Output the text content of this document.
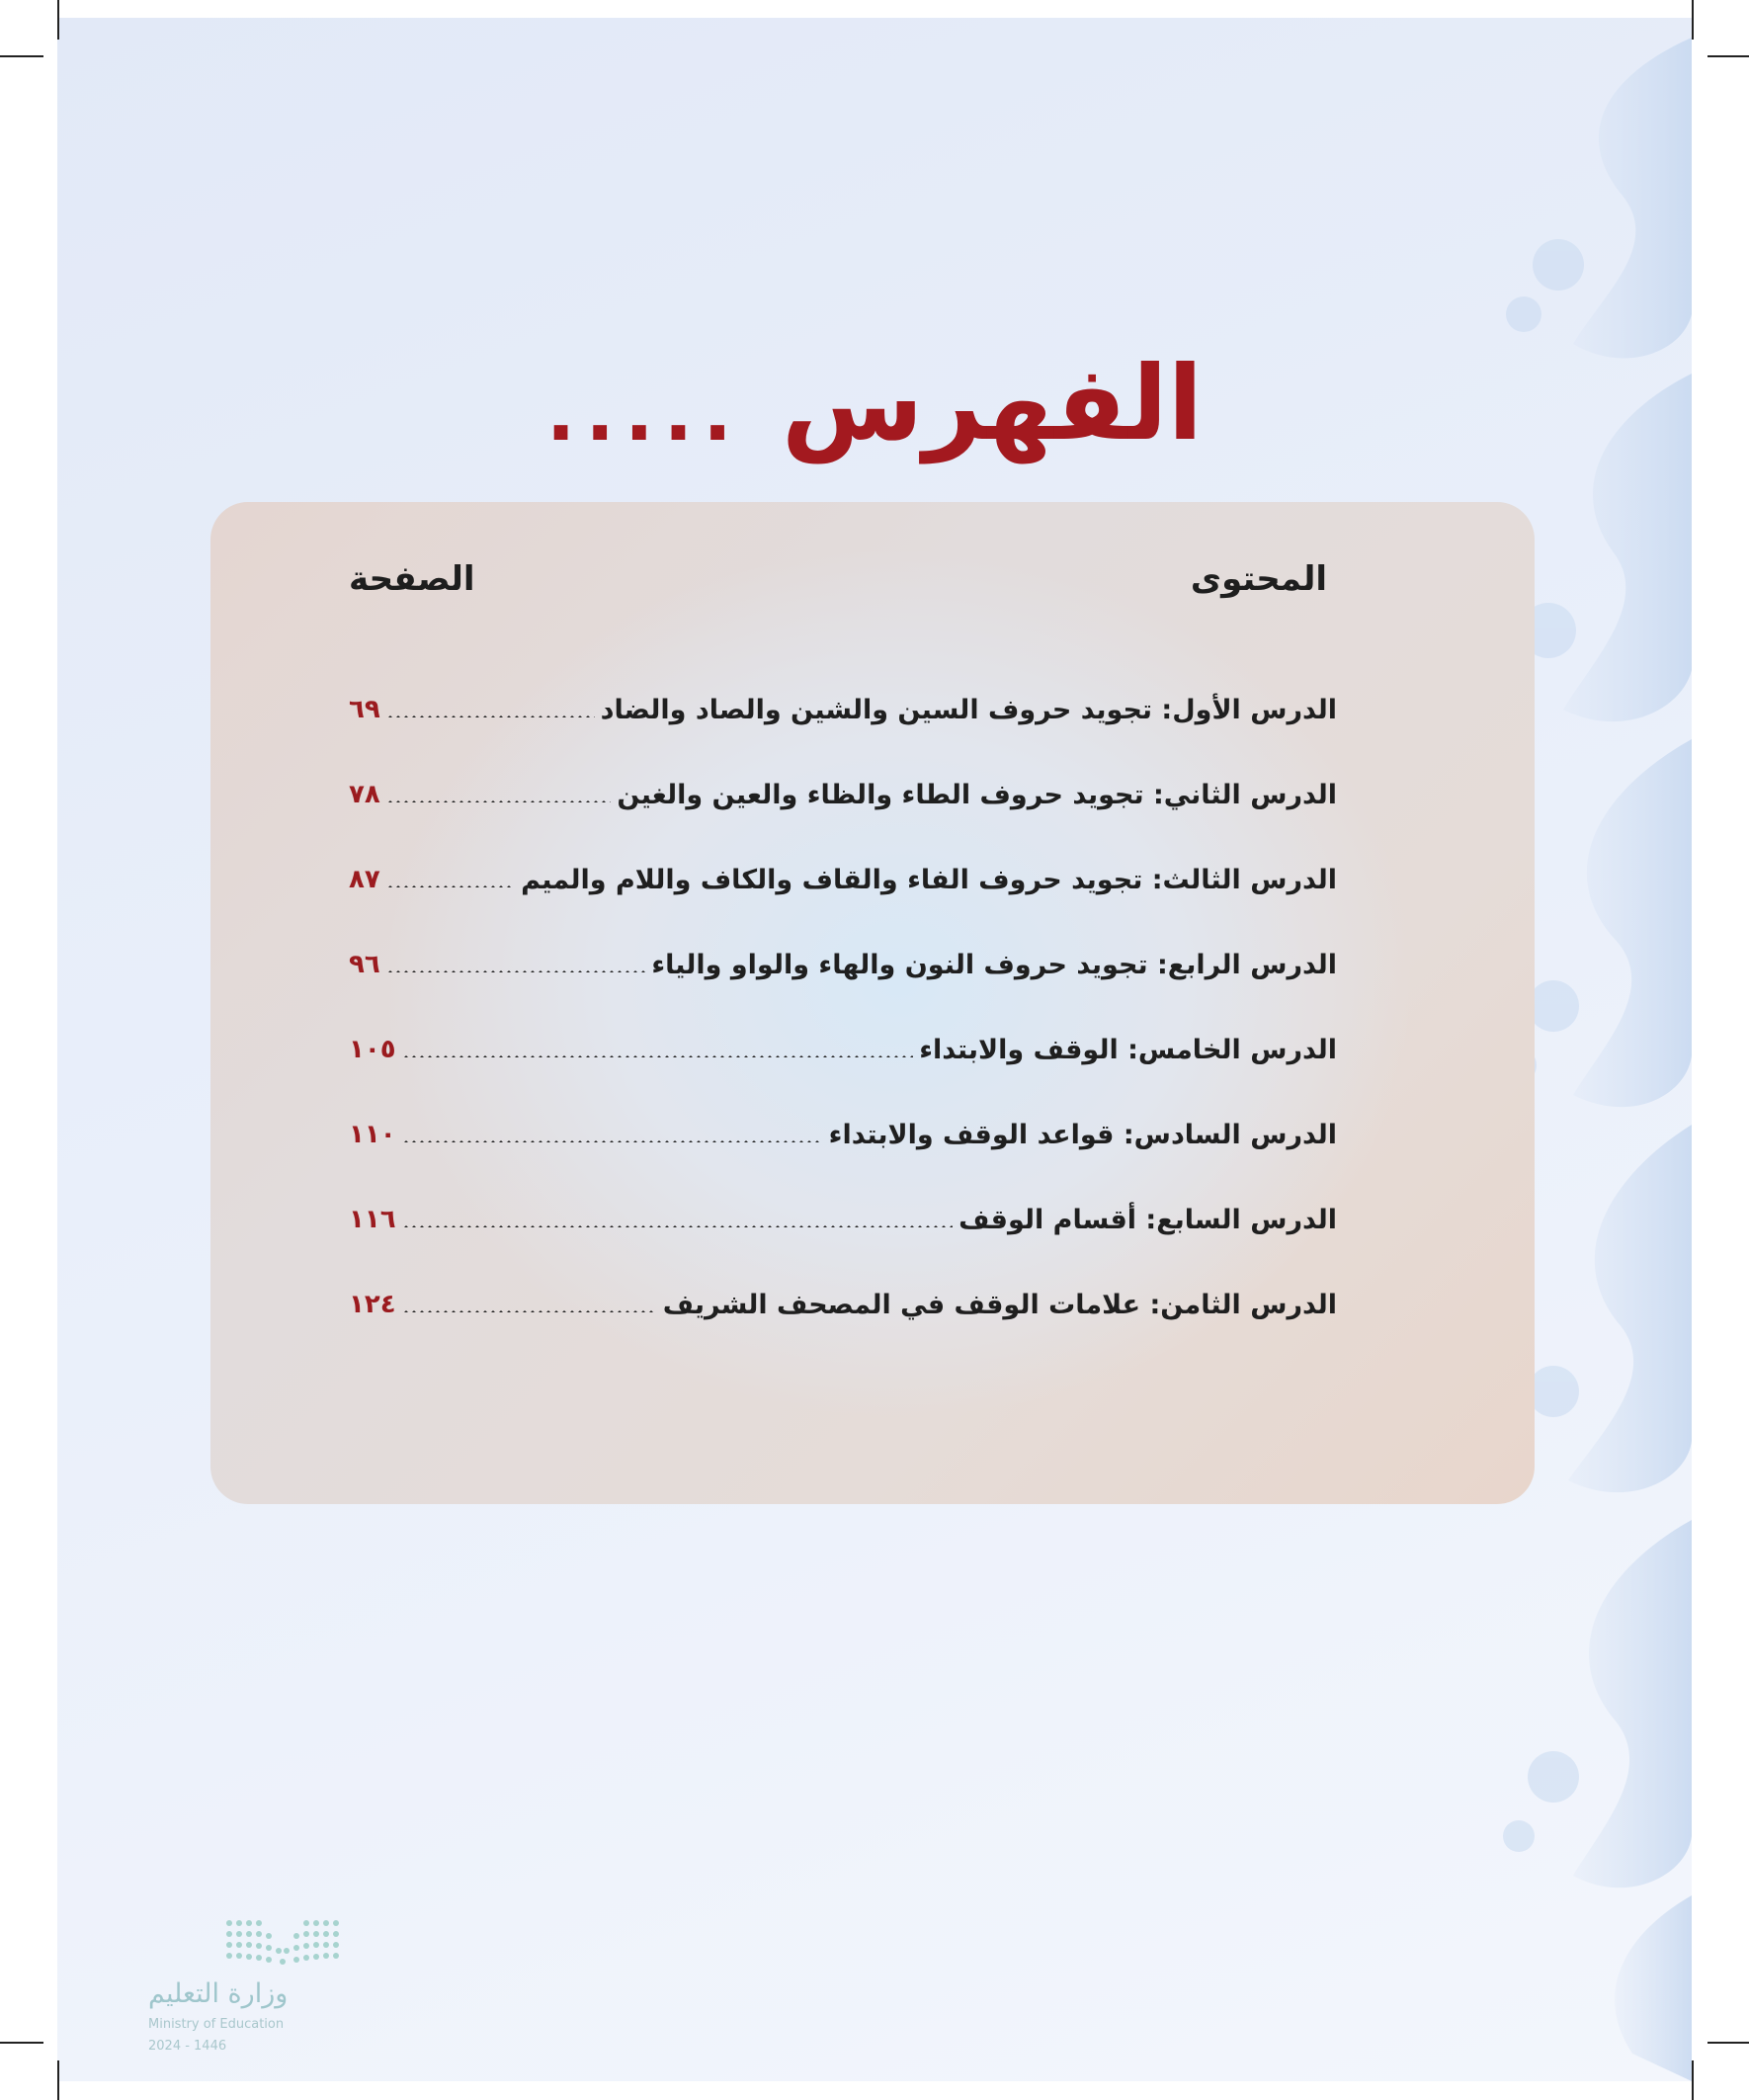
الفهرس
.....
المحتوى
الصفحة
الدرس الأول: تجويد حروف السين والشين والصاد والضاد
٦٩
الدرس الثاني: تجويد حروف الطاء والظاء والعين والغين
٧٨
الدرس الثالث: تجويد حروف الفاء والقاف والكاف واللام والميم
٨٧
الدرس الرابع: تجويد حروف النون والهاء والواو والياء
٩٦
الدرس الخامس: الوقف والابتداء
١٠٥
الدرس السادس: قواعد الوقف والابتداء
١١٠
الدرس السابع: أقسام الوقف
١١٦
الدرس الثامن: علامات الوقف في المصحف الشريف
١٢٤
وزارة التعليم
Ministry of Education
2024 - 1446
